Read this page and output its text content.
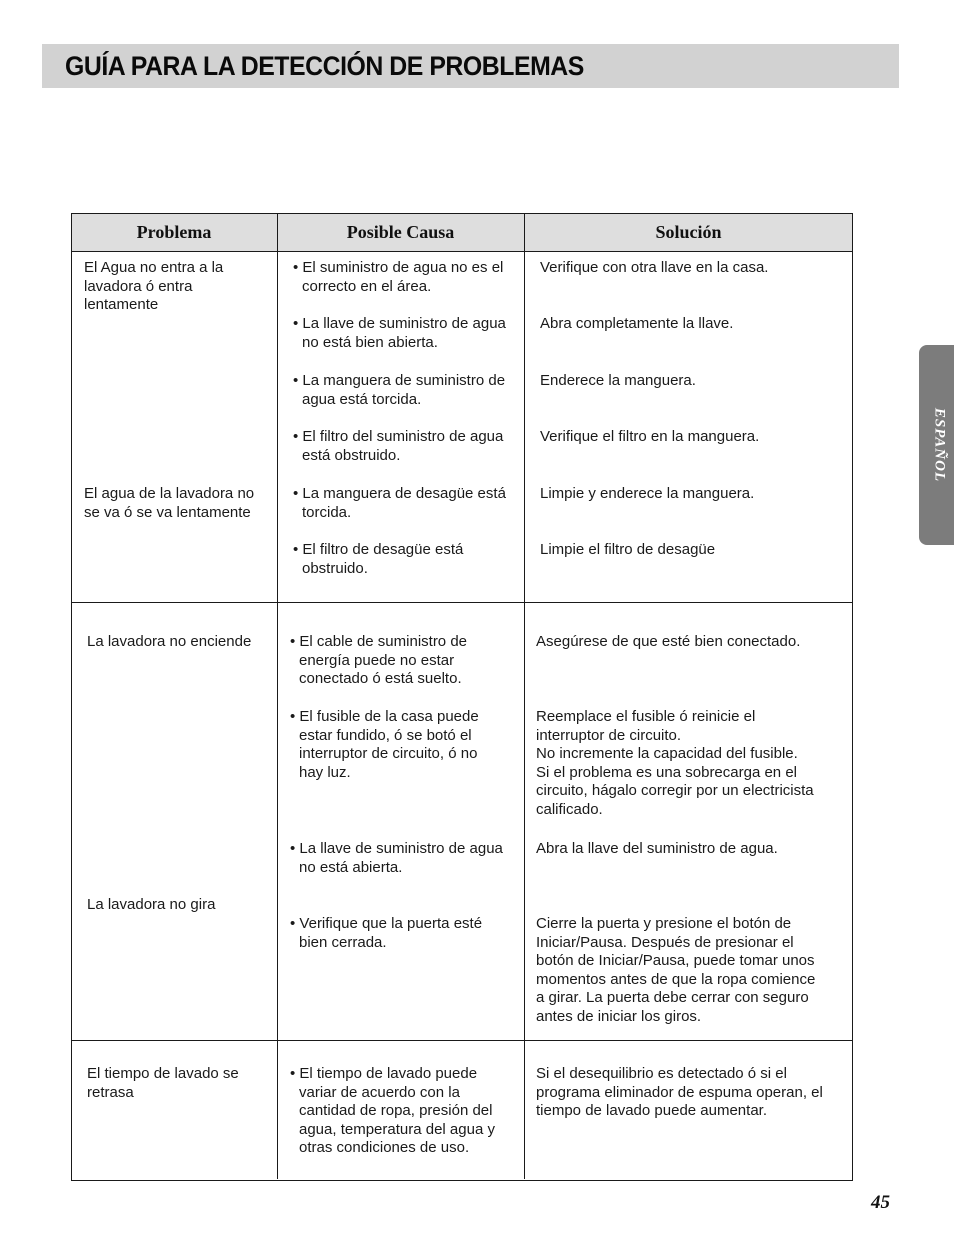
GUÍA PARA LA DETECCIÓN DE PROBLEMAS
ESPAÑOL
Problema	Posible Causa	Solución
El Agua no entra a la
lavadora ó entra
lentamente
El agua de la lavadora no
se va ó se va lentamente
• El suministro de agua no es el
correcto en el área.
• La llave de suministro de agua
no está bien abierta.
• La manguera de suministro de
agua está torcida.
• El filtro del suministro de agua
está obstruido.
• La manguera de desagüe está
torcida.
• El filtro de desagüe está
obstruido.
Verifique con otra llave en la casa.
Abra completamente la llave.
Enderece la manguera.
Verifique el filtro en la manguera.
Limpie y enderece la manguera.
Limpie el filtro de desagüe
La lavadora no enciende
La lavadora no gira
• El cable de suministro de
energía puede no estar
conectado ó está suelto.
• El fusible de la casa puede
estar fundido, ó se botó el
interruptor de circuito, ó no
hay luz.
• La llave de suministro de agua
no está abierta.
• Verifique que la puerta esté
bien cerrada.
Asegúrese de que esté bien conectado.
Reemplace el fusible ó reinicie el
interruptor de circuito.
No incremente la capacidad del fusible.
Si el problema es una sobrecarga en el
circuito, hágalo corregir por un electricista
calificado.
Abra la llave del suministro de agua.
Cierre la puerta y presione el botón de
Iniciar/Pausa. Después de presionar el
botón de Iniciar/Pausa, puede tomar unos
momentos antes de que la ropa comience
a girar. La puerta debe cerrar con seguro
antes de iniciar los giros.
El tiempo de lavado se
retrasa
• El tiempo de lavado puede
variar de acuerdo con la
cantidad de ropa, presión del
agua, temperatura del agua y
otras condiciones de uso.
Si el desequilibrio es detectado ó si el
programa eliminador de espuma operan, el
tiempo de lavado puede aumentar.
45
